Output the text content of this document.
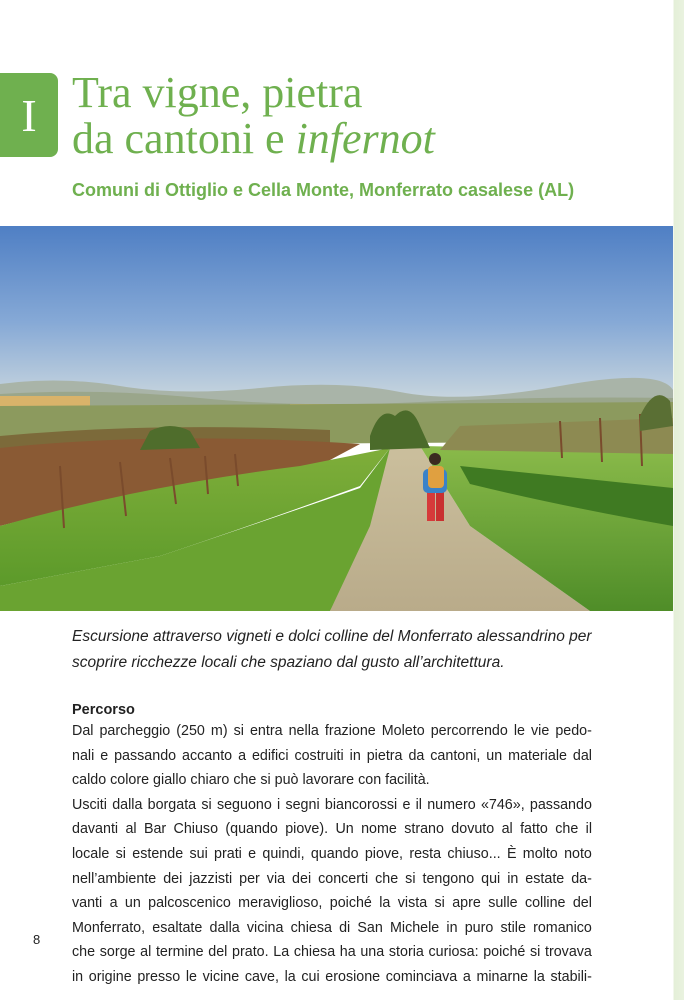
I Tra vigne, pietra
da cantoni e infernot
Comuni di Ottiglio e Cella Monte, Monferrato casalese (AL)
Escursione attraverso vigneti e dolci colline del Monferrato alessandrino per
scoprire ricchezze locali che spaziano dal gusto all’architettura.
Percorso
Dal parcheggio (250 m) si entra nella frazione Moleto percorrendo le vie pedo-
nali e passando accanto a edifici costruiti in pietra da cantoni, un materiale dal
caldo colore giallo chiaro che si può lavorare con facilità.
Usciti dalla borgata si seguono i segni biancorossi e il numero «746», passando
davanti al Bar Chiuso (quando piove). Un nome strano dovuto al fatto che il
locale si estende sui prati e quindi, quando piove, resta chiuso... È molto noto
nell’ambiente dei jazzisti per via dei concerti che si tengono qui in estate da-
vanti a un palcoscenico meraviglioso, poiché la vista si apre sulle colline del
Monferrato, esaltate dalla vicina chiesa di San Michele in puro stile romanico
che sorge al termine del prato. La chiesa ha una storia curiosa: poiché si trovava
in origine presso le vicine cave, la cui erosione cominciava a minarne la stabili-
8
